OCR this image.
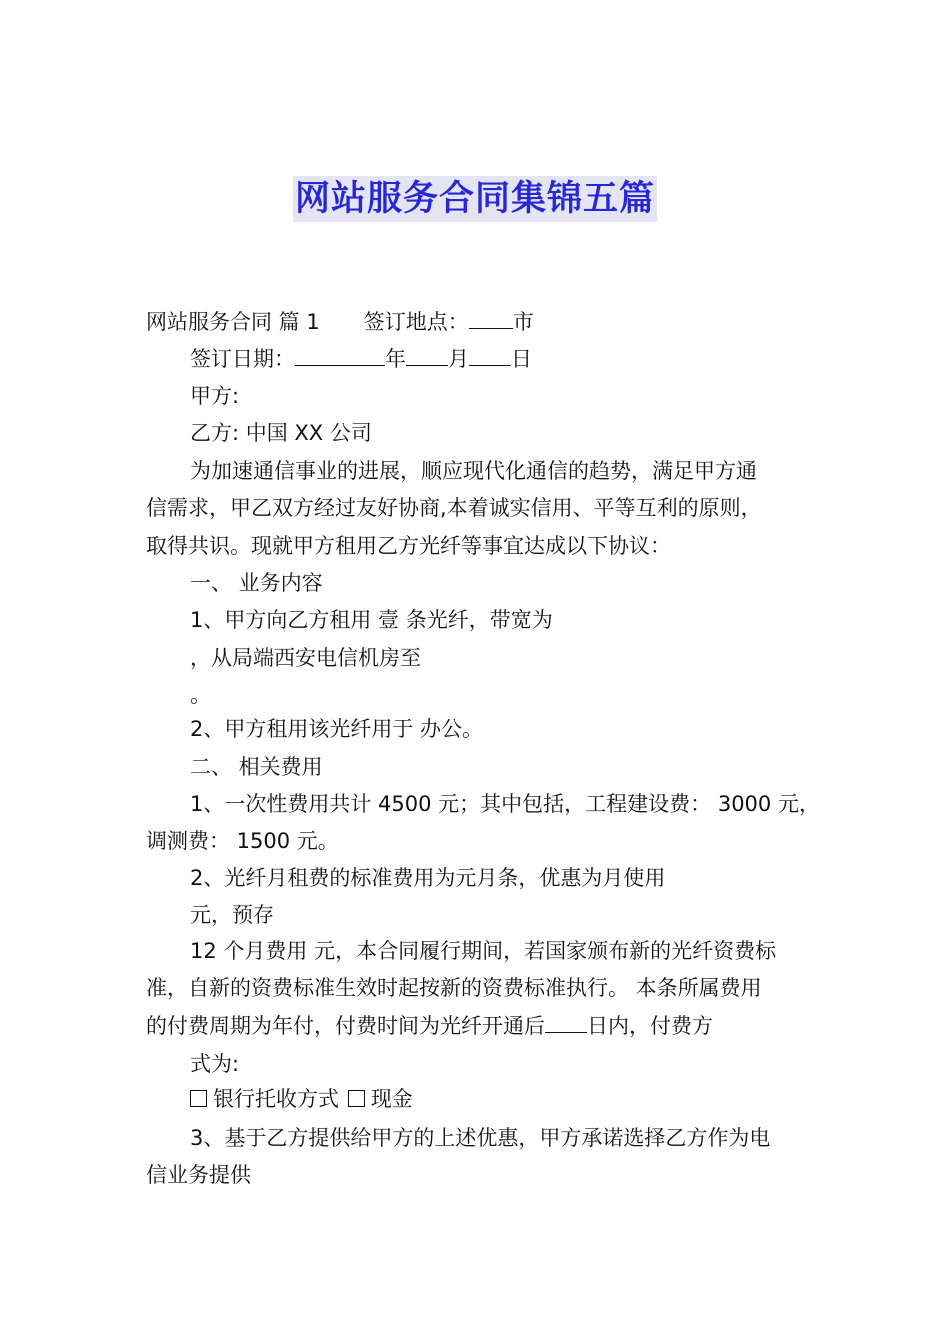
网站服务合同集锦五篇
网站服务合同 篇 1 签订地点： 市
签订日期：	年 月 日
甲方:
乙方: 中国 XX 公司
为加速通信事业的进展，顺应现代化通信的趋势，满足甲方通
信需求，甲乙双方经过友好协商,本着诚实信用、平等互利的原则，
取得共识。现就甲方租用乙方光纤等事宜达成以下协议：
一、 业务内容
1、甲方向乙方租用 壹 条光纤，带宽为
，从局端西安电信机房至
。
2、甲方租用该光纤用于 办公。
二、 相关费用
1、一次性费用共计 4500 元；其中包括，工程建设费： 3000 元，
调测费： 1500 元。
2、光纤月租费的标准费用为元月条，优惠为月使用
元，预存
12 个月费用 元，本合同履行期间，若国家颁布新的光纤资费标
准，自新的资费标准生效时起按新的资费标准执行。 本条所属费用
的付费周期为年付，付费时间为光纤开通后 日内，付费方
式为:
银行托收方式 现金
3、基于乙方提供给甲方的上述优惠，甲方承诺选择乙方作为电
信业务提供
